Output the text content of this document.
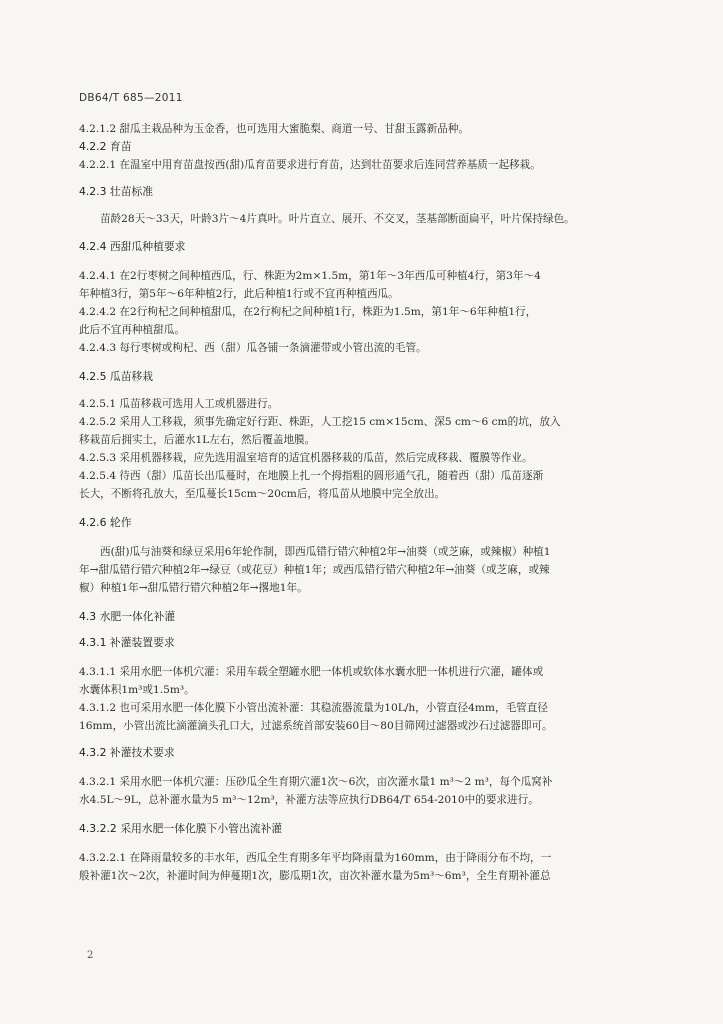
DB64/T 685—2011
4.2.1.2 甜瓜主栽品种为玉金香，也可选用大蜜脆梨、商道一号、甘甜玉露新品种。
4.2.2 育苗
4.2.2.1 在温室中用育苗盘按西(甜)瓜育苗要求进行育苗，达到壮苗要求后连同营养基质一起移栽。
4.2.3 壮苗标准
苗龄28天～33天，叶龄3片～4片真叶。叶片直立、展开、不交叉，茎基部断面扁平，叶片保持绿色。
4.2.4 西甜瓜种植要求
4.2.4.1 在2行枣树之间种植西瓜，行、株距为2m×1.5m，第1年～3年西瓜可种植4行，第3年～4
年种植3行，第5年～6年种植2行，此后种植1行或不宜再种植西瓜。
4.2.4.2 在2行枸杞之间种植甜瓜，在2行枸杞之间种植1行，株距为1.5m，第1年～6年种植1行，
此后不宜再种植甜瓜。
4.2.4.3 每行枣树或枸杞、西（甜）瓜各铺一条滴灌带或小管出流的毛管。
4.2.5 瓜苗移栽
4.2.5.1 瓜苗移栽可选用人工或机器进行。
4.2.5.2 采用人工移栽，须事先确定好行距、株距，人工挖15 cm×15cm、深5 cm～6 cm的坑，放入
移栽苗后拥实土，后灌水1L左右，然后覆盖地膜。
4.2.5.3 采用机器移栽，应先选用温室培育的适宜机器移栽的瓜苗，然后完成移栽、覆膜等作业。
4.2.5.4 待西（甜）瓜苗长出瓜蔓时，在地膜上扎一个拇指粗的圆形通气孔，随着西（甜）瓜苗逐渐
长大，不断将孔放大，至瓜蔓长15cm～20cm后，将瓜苗从地膜中完全放出。
4.2.6 轮作
西(甜)瓜与油葵和绿豆采用6年轮作制，即西瓜错行错穴种植2年→油葵（或芝麻，或辣椒）种植1
年→甜瓜错行错穴种植2年→绿豆（或花豆）种植1年；或西瓜错行错穴种植2年→油葵（或芝麻，或辣
椒）种植1年→甜瓜错行错穴种植2年→撂地1年。
4.3 水肥一体化补灌
4.3.1 补灌装置要求
4.3.1.1 采用水肥一体机穴灌：采用车载全塑罐水肥一体机或软体水囊水肥一体机进行穴灌，罐体或
水囊体积1m³或1.5m³。
4.3.1.2 也可采用水肥一体化膜下小管出流补灌：其稳流器流量为10L/h，小管直径4mm，毛管直径
16mm，小管出流比滴灌滴头孔口大，过滤系统首部安装60目～80目筛网过滤器或沙石过滤器即可。
4.3.2 补灌技术要求
4.3.2.1 采用水肥一体机穴灌：压砂瓜全生育期穴灌1次～6次，亩次灌水量1 m³～2 m³，每个瓜窝补
水4.5L～9L，总补灌水量为5 m³～12m³，补灌方法等应执行DB64/T 654-2010中的要求进行。
4.3.2.2 采用水肥一体化膜下小管出流补灌
4.3.2.2.1 在降雨量较多的丰水年，西瓜全生育期多年平均降雨量为160mm，由于降雨分布不均，一
般补灌1次～2次，补灌时间为伸蔓期1次，膨瓜期1次，亩次补灌水量为5m³～6m³，全生育期补灌总
2
